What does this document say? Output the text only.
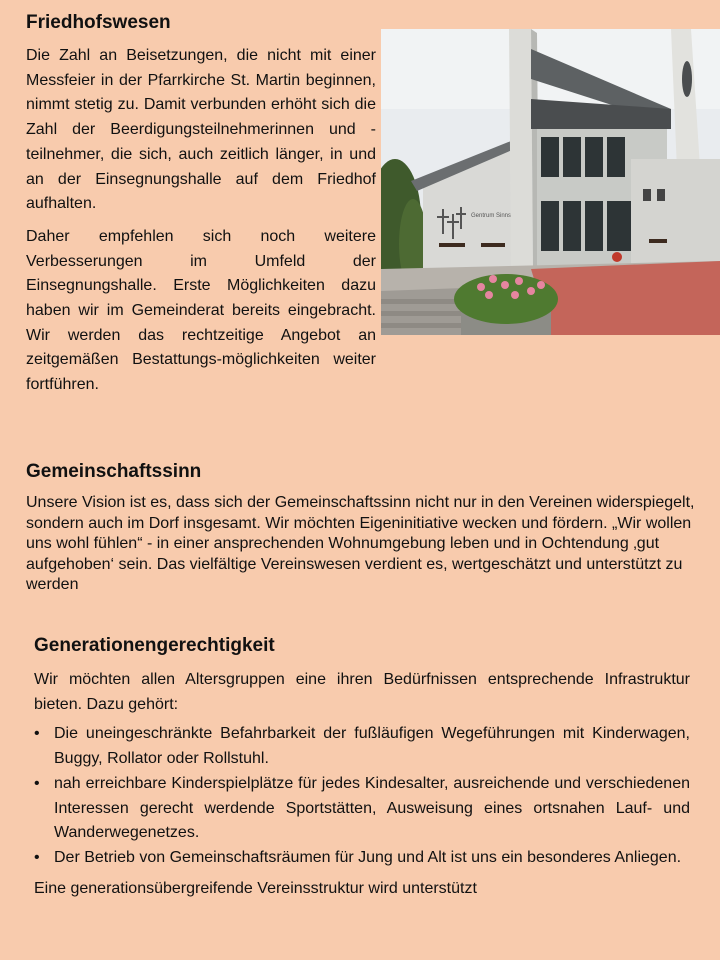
Friedhofswesen

Die Zahl an Beisetzungen, die nicht mit einer Messfeier in der Pfarrkirche St. Martin beginnen, nimmt stetig zu. Damit verbunden erhöht sich die Zahl der Beerdigungsteilnehmerinnen und -teilnehmer, die sich, auch zeitlich länger, in und an der Einsegnungshalle auf dem Friedhof aufhalten.

Daher empfehlen sich noch weitere Verbesserungen im Umfeld der Einsegnungshalle. Erste Möglichkeiten dazu haben wir im Gemeinderat bereits eingebracht. Wir werden das rechtzeitige Angebot an zeitgemäßen Bestattungs-möglichkeiten weiter fortführen.

Gentrum Sinns
Gemeinschaftssinn

Unsere Vision ist es, dass sich der Gemeinschaftssinn nicht nur in den Vereinen widerspiegelt, sondern auch im Dorf insgesamt. Wir möchten Eigeninitiative wecken und fördern. „Wir wollen uns wohl fühlen“ - in einer ansprechenden Wohnumgebung leben und in Ochtendung ‚gut aufgehoben‘ sein. Das vielfältige Vereinswesen verdient es, wertgeschätzt und unterstützt zu werden

Generationengerechtigkeit

Wir möchten allen Altersgruppen eine ihren Bedürfnissen entsprechende Infrastruktur bieten. Dazu gehört:

• Die uneingeschränkte Befahrbarkeit der fußläufigen Wegeführungen mit Kinderwagen, Buggy, Rollator oder Rollstuhl.
• nah erreichbare Kinderspielplätze für jedes Kindesalter, ausreichende und verschiedenen Interessen gerecht werdende Sportstätten, Ausweisung eines ortsnahen Lauf- und Wanderwegenetzes.
• Der Betrieb von Gemeinschaftsräumen für Jung und Alt ist uns ein besonderes Anliegen.

Eine generationsübergreifende Vereinsstruktur wird unterstützt
